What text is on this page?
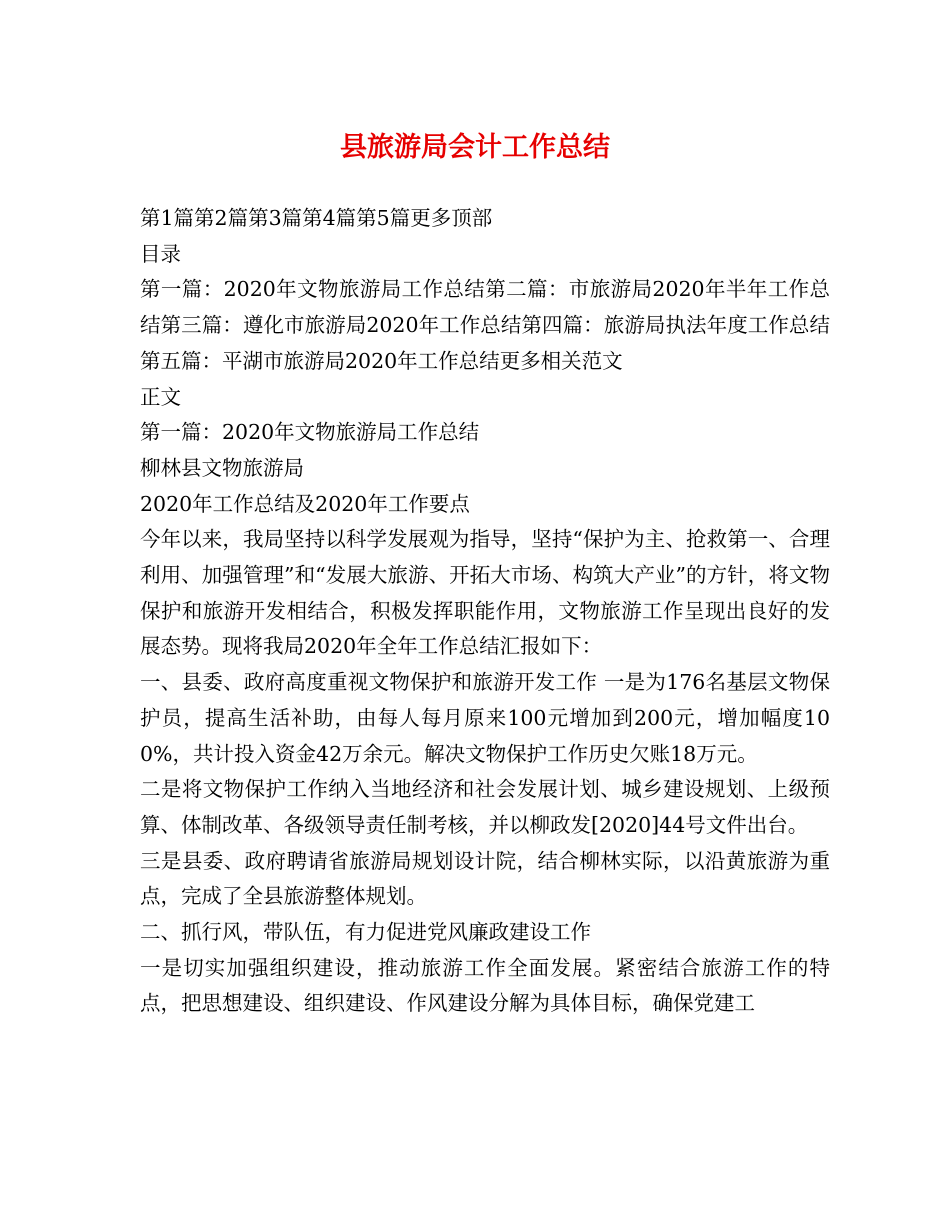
县旅游局会计工作总结

第1篇第2篇第3篇第4篇第5篇更多顶部

目录

第一篇：2020年文物旅游局工作总结第二篇：市旅游局2020年半年工作总结第三篇：遵化市旅游局2020年工作总结第四篇：旅游局执法年度工作总结第五篇：平湖市旅游局2020年工作总结更多相关范文

正文

第一篇：2020年文物旅游局工作总结

柳林县文物旅游局

2020年工作总结及2020年工作要点

今年以来，我局坚持以科学发展观为指导，坚持“保护为主、抢救第一、合理利用、加强管理”和“发展大旅游、开拓大市场、构筑大产业”的方针，将文物保护和旅游开发相结合，积极发挥职能作用，文物旅游工作呈现出良好的发展态势。现将我局2020年全年工作总结汇报如下：

一、县委、政府高度重视文物保护和旅游开发工作 一是为176名基层文物保护员，提高生活补助，由每人每月原来100元增加到200元，增加幅度100%，共计投入资金42万余元。解决文物保护工作历史欠账18万元。

二是将文物保护工作纳入当地经济和社会发展计划、城乡建设规划、上级预算、体制改革、各级领导责任制考核，并以柳政发[2020]44号文件出台。

三是县委、政府聘请省旅游局规划设计院，结合柳林实际，以沿黄旅游为重点，完成了全县旅游整体规划。

二、抓行风，带队伍，有力促进党风廉政建设工作

一是切实加强组织建设，推动旅游工作全面发展。紧密结合旅游工作的特点，把思想建设、组织建设、作风建设分解为具体目标，确保党建工
